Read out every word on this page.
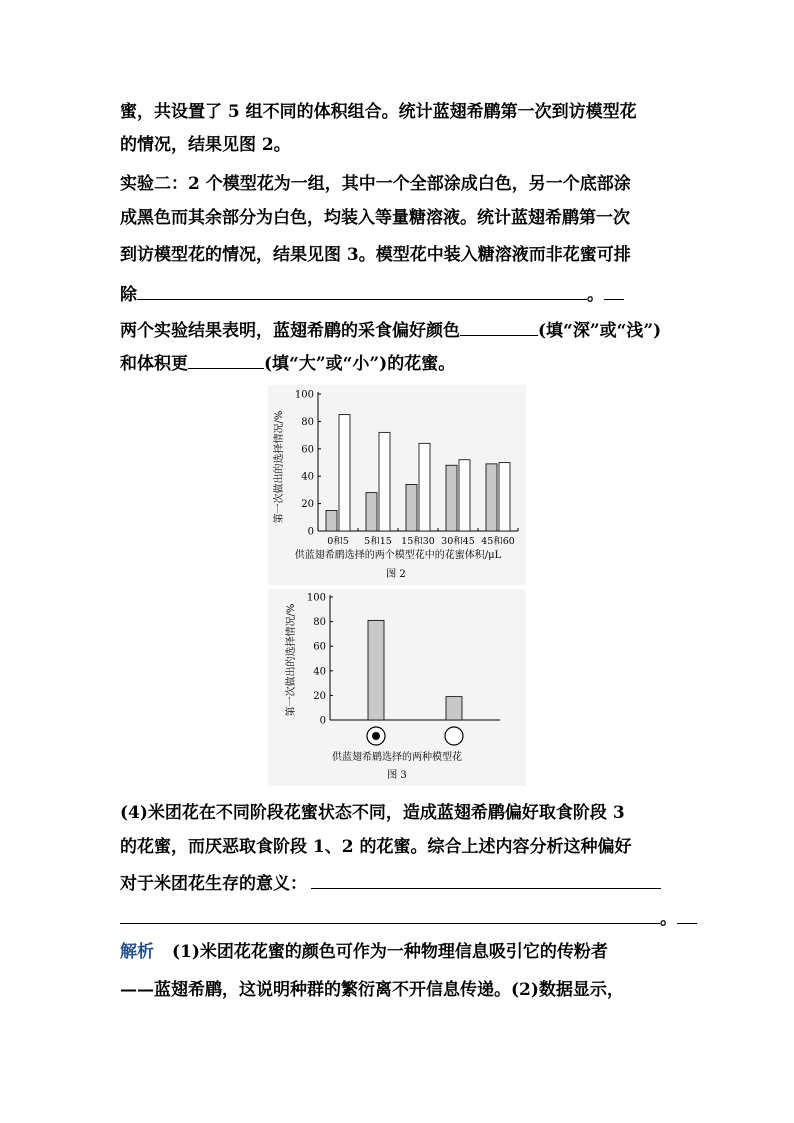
蜜，共设置了 5 组不同的体积组合。统计蓝翅希鹛第一次到访模型花
的情况，结果见图 2。
实验二：2 个模型花为一组，其中一个全部涂成白色，另一个底部涂
成黑色而其余部分为白色，均装入等量糖溶液。统计蓝翅希鹛第一次
到访模型花的情况，结果见图 3。模型花中装入糖溶液而非花蜜可排
除	。
两个实验结果表明，蓝翅希鹛的采食偏好颜色	(填“深”或“浅”)
和体积更	(填“大”或“小”)的花蜜。
第一次做出的选择情况/%
供蓝翅希鹛选择的两个模型花中的花蜜体积/μL
图 2
0
20
40
60
80
100
0和5 5和15 15和30 30和45 45和60
第一次做出的选择情况/%
供蓝翅希鹛选择的两种模型花
图 3
0
20
40
60
80
100
(4)米团花在不同阶段花蜜状态不同，造成蓝翅希鹛偏好取食阶段 3
的花蜜，而厌恶取食阶段 1、2 的花蜜。综合上述内容分析这种偏好
对于米团花生存的意义：
。
解析 (1)米团花花蜜的颜色可作为一种物理信息吸引它的传粉者
——蓝翅希鹛，这说明种群的繁衍离不开信息传递。(2)数据显示，
